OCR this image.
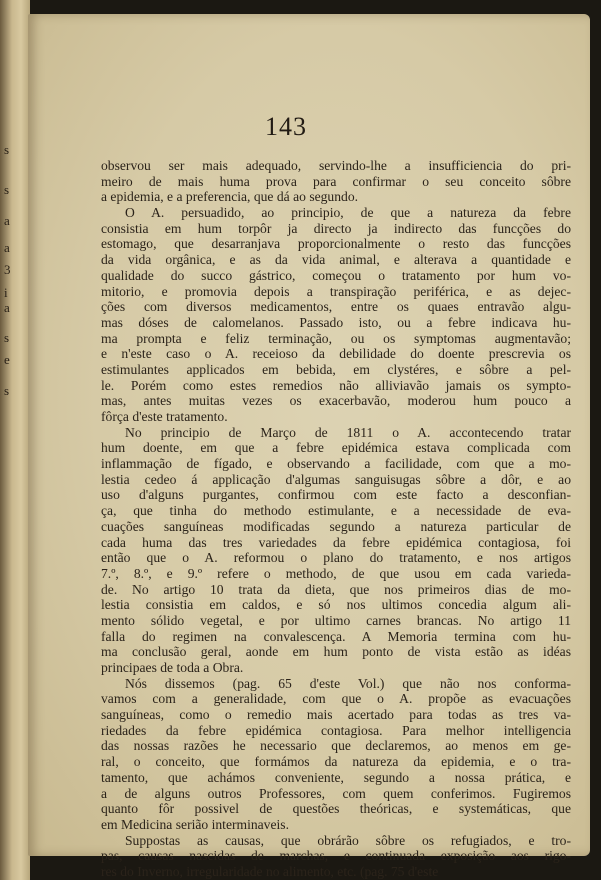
s
s
a
a
3
i
a
s
e
s
143
observou ser mais adequado, servindo-lhe a insufficiencia do pri-
meiro de mais huma prova para confirmar o seu conceito sôbre
a epidemia, e a preferencia, que dá ao segundo.
O A. persuadido, ao principio, de que a natureza da febre
consistia em hum torpôr ja directo ja indirecto das funcções do
estomago, que desarranjava proporcionalmente o resto das funcções
da vida orgânica, e as da vida animal, e alterava a quantidade e
qualidade do succo gástrico, começou o tratamento por hum vo-
mitorio, e promovia depois a transpiração periférica, e as dejec-
ções com diversos medicamentos, entre os quaes entravão algu-
mas dóses de calomelanos. Passado isto, ou a febre indicava hu-
ma prompta e feliz terminação, ou os symptomas augmentavão;
e n'este caso o A. receioso da debilidade do doente prescrevia os
estimulantes applicados em bebida, em clystéres, e sôbre a pel-
le. Porém como estes remedios não alliviavão jamais os sympto-
mas, antes muitas vezes os exacerbavão, moderou hum pouco a
fôrça d'este tratamento.
No principio de Março de 1811 o A. accontecendo tratar
hum doente, em que a febre epidémica estava complicada com
inflammação de fígado, e observando a facilidade, com que a mo-
lestia cedeo á applicação d'algumas sanguisugas sôbre a dôr, e ao
uso d'alguns purgantes, confirmou com este facto a desconfian-
ça, que tinha do methodo estimulante, e a necessidade de eva-
cuações sanguíneas modificadas segundo a natureza particular de
cada huma das tres variedades da febre epidémica contagiosa, foi
então que o A. reformou o plano do tratamento, e nos artigos
7.º, 8.º, e 9.º refere o methodo, de que usou em cada varieda-
de. No artigo 10 trata da dieta, que nos primeiros dias de mo-
lestia consistia em caldos, e só nos ultimos concedia algum ali-
mento sólido vegetal, e por ultimo carnes brancas. No artigo 11
falla do regimen na convalescença. A Memoria termina com hu-
ma conclusão geral, aonde em hum ponto de vista estão as idéas
principaes de toda a Obra.
Nós dissemos (pag. 65 d'este Vol.) que não nos conforma-
vamos com a generalidade, com que o A. propõe as evacuações
sanguíneas, como o remedio mais acertado para todas as tres va-
riedades da febre epidémica contagiosa. Para melhor intelligencia
das nossas razões he necessario que declaremos, ao menos em ge-
ral, o conceito, que formámos da natureza da epidemia, e o tra-
tamento, que achámos conveniente, segundo a nossa prática, e
a de alguns outros Professores, com quem conferimos. Fugiremos
quanto fôr possivel de questões theóricas, e systemáticas, que
em Medicina serião interminaveis.
Suppostas as causas, que obrárão sôbre os refugiados, e tro-
pas, causas nascidas de marchas, e continuada exposição aos rigo-
res do Inverno, irregularidade no alimento, etc. (pag. 75 d'este
